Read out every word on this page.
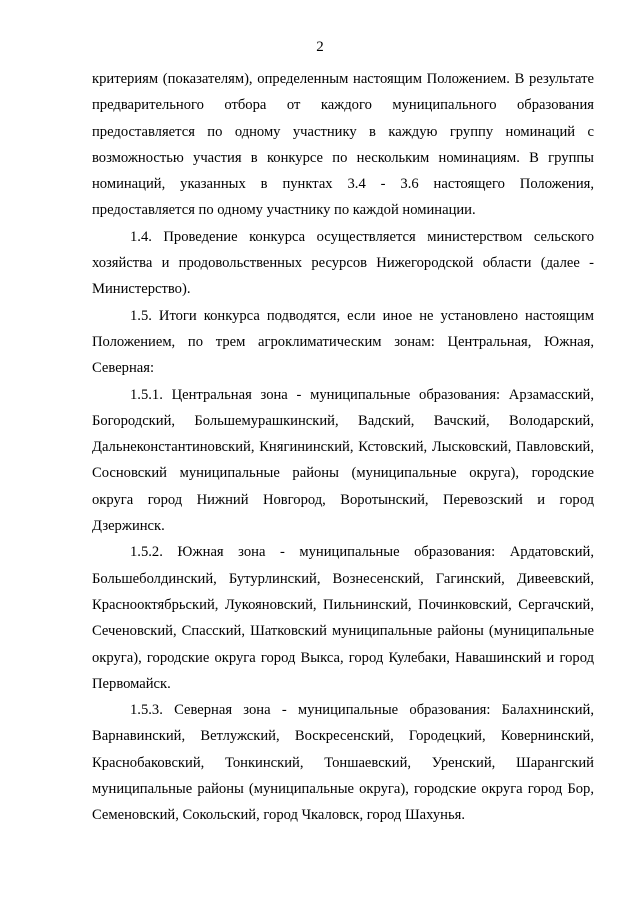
2

критериям (показателям), определенным настоящим Положением. В результате предварительного отбора от каждого муниципального образования предоставляется по одному участнику в каждую группу номинаций с возможностью участия в конкурсе по нескольким номинациям. В группы номинаций, указанных в пунктах 3.4 - 3.6 настоящего Положения, предоставляется по одному участнику по каждой номинации.

1.4. Проведение конкурса осуществляется министерством сельского хозяйства и продовольственных ресурсов Нижегородской области (далее - Министерство).

1.5. Итоги конкурса подводятся, если иное не установлено настоящим Положением, по трем агроклиматическим зонам: Центральная, Южная, Северная:

1.5.1. Центральная зона - муниципальные образования: Арзамасский, Богородский, Большемурашкинский, Вадский, Вачский, Володарский, Дальнеконстантиновский, Княгининский, Кстовский, Лысковский, Павловский, Сосновский муниципальные районы (муниципальные округа), городские округа город Нижний Новгород, Воротынский, Перевозский и город Дзержинск.

1.5.2. Южная зона - муниципальные образования: Ардатовский, Большеболдинский, Бутурлинский, Вознесенский, Гагинский, Дивеевский, Краснооктябрьский, Лукояновский, Пильнинский, Починковский, Сергачский, Сеченовский, Спасский, Шатковский муниципальные районы (муниципальные округа), городские округа город Выкса, город Кулебаки, Навашинский и город Первомайск.

1.5.3. Северная зона - муниципальные образования: Балахнинский, Варнавинский, Ветлужский, Воскресенский, Городецкий, Ковернинский, Краснобаковский, Тонкинский, Тоншаевский, Уренский, Шарангский муниципальные районы (муниципальные округа), городские округа город Бор, Семеновский, Сокольский, город Чкаловск, город Шахунья.
